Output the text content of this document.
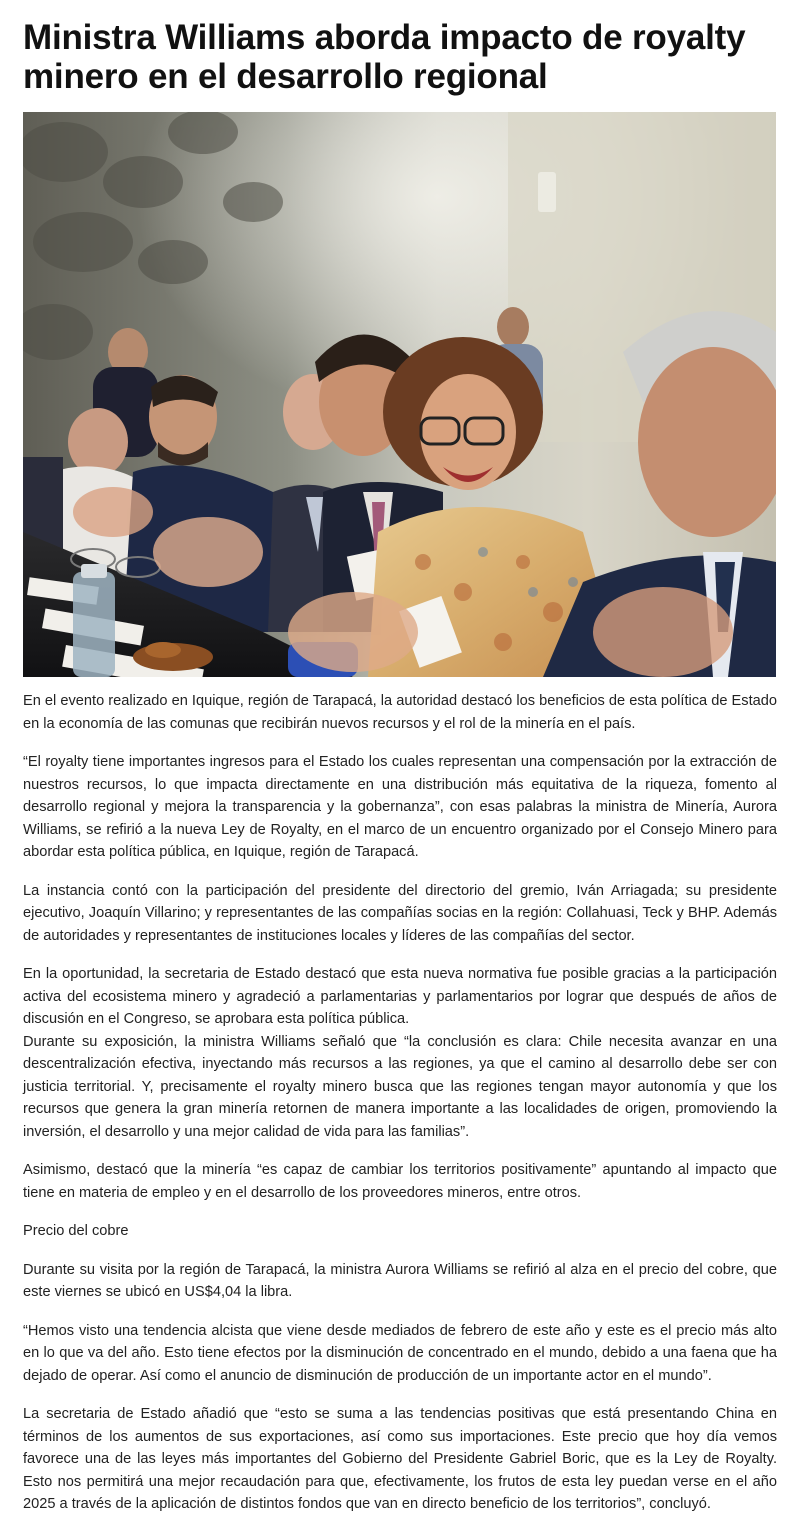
Ministra Williams aborda impacto de royalty minero en el desarrollo regional

En el evento realizado en Iquique, región de Tarapacá, la autoridad destacó los beneficios de esta política de Estado en la economía de las comunas que recibirán nuevos recursos y el rol de la minería en el país.

“El royalty tiene importantes ingresos para el Estado los cuales representan una compensación por la extracción de nuestros recursos, lo que impacta directamente en una distribución más equitativa de la riqueza, fomento al desarrollo regional y mejora la transparencia y la gobernanza”, con esas palabras la ministra de Minería, Aurora Williams, se refirió a la nueva Ley de Royalty, en el marco de un encuentro organizado por el Consejo Minero para abordar esta política pública, en Iquique, región de Tarapacá.

La instancia contó con la participación del presidente del directorio del gremio, Iván Arriagada; su presidente ejecutivo, Joaquín Villarino; y representantes de las compañías socias en la región: Collahuasi, Teck y BHP. Además de autoridades y representantes de instituciones locales y líderes de las compañías del sector.

En la oportunidad, la secretaria de Estado destacó que esta nueva normativa fue posible gracias a la participación activa del ecosistema minero y agradeció a parlamentarias y parlamentarios por lograr que después de años de discusión en el Congreso, se aprobara esta política pública.

Durante su exposición, la ministra Williams señaló que “la conclusión es clara: Chile necesita avanzar en una descentralización efectiva, inyectando más recursos a las regiones, ya que el camino al desarrollo debe ser con justicia territorial. Y, precisamente el royalty minero busca que las regiones tengan mayor autonomía y que los recursos que genera la gran minería retornen de manera importante a las localidades de origen, promoviendo la inversión, el desarrollo y una mejor calidad de vida para las familias”.

Asimismo, destacó que la minería “es capaz de cambiar los territorios positivamente” apuntando al impacto que tiene en materia de empleo y en el desarrollo de los proveedores mineros, entre otros.

Precio del cobre

Durante su visita por la región de Tarapacá, la ministra Aurora Williams se refirió al alza en el precio del cobre, que este viernes se ubicó en US$4,04 la libra.

“Hemos visto una tendencia alcista que viene desde mediados de febrero de este año y este es el precio más alto en lo que va del año. Esto tiene efectos por la disminución de concentrado en el mundo, debido a una faena que ha dejado de operar. Así como el anuncio de disminución de producción de un importante actor en el mundo”.

La secretaria de Estado añadió que “esto se suma a las tendencias positivas que está presentando China en términos de los aumentos de sus exportaciones, así como sus importaciones. Este precio que hoy día vemos favorece una de las leyes más importantes del Gobierno del Presidente Gabriel Boric, que es la Ley de Royalty. Esto nos permitirá una mejor recaudación para que, efectivamente, los frutos de esta ley puedan verse en el año 2025 a través de la aplicación de distintos fondos que van en directo beneficio de los territorios”, concluyó.
